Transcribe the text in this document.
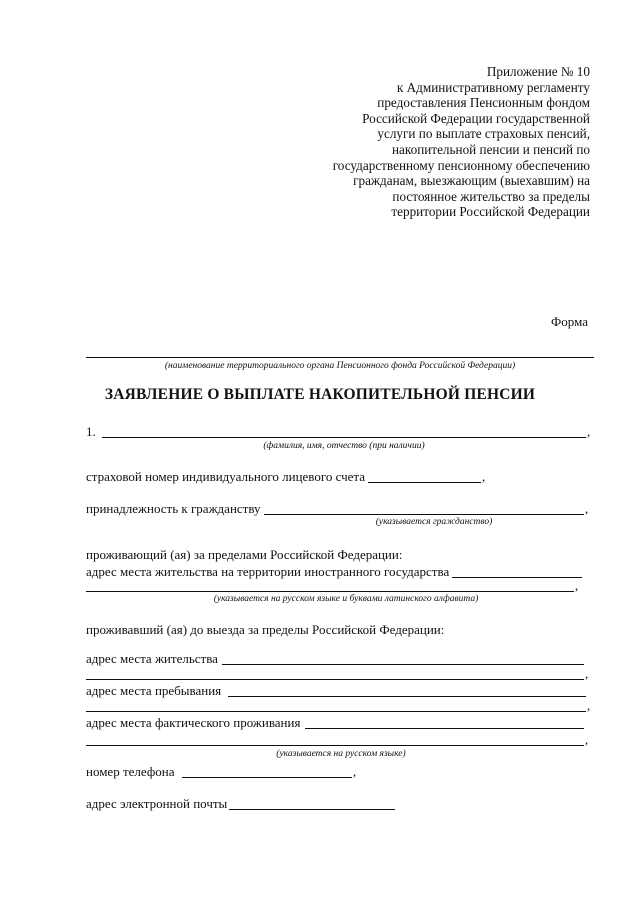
Приложение № 10
к Административному регламенту
предоставления Пенсионным фондом
Российской Федерации государственной
услуги по выплате страховых пенсий,
накопительной пенсии и пенсий по
государственному пенсионному обеспечению
гражданам, выезжающим (выехавшим) на
постоянное жительство за пределы
территории Российской Федерации
Форма
(наименование территориального органа Пенсионного фонда Российской Федерации)
ЗАЯВЛЕНИЕ О ВЫПЛАТЕ НАКОПИТЕЛЬНОЙ ПЕНСИИ
1.	,
(фамилия, имя, отчество (при наличии)
страховой номер индивидуального лицевого счета	,
принадлежность к гражданству	,
(указывается гражданство)
проживающий (ая) за пределами Российской Федерации:
адрес места жительства на территории иностранного государства
,
(указывается на русском языке и буквами латинского алфавита)
проживавший (ая) до выезда за пределы Российской Федерации:
адрес места жительства
,
адрес места пребывания
,
адрес места фактического проживания
,
(указывается на русском языке)
номер телефона	,
адрес электронной почты
